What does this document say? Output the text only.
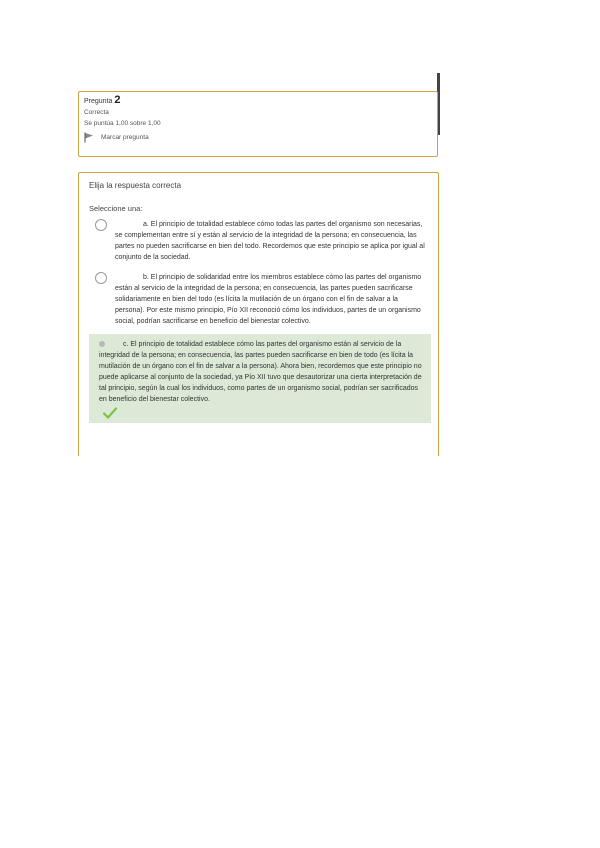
Pregunta 2
Correcta
Se puntúa 1,00 sobre 1,00
Marcar pregunta
Elija la respuesta correcta
Seleccione una:
a. El principio de totalidad establece cómo todas las partes del organismo son necesarias, se complementan entre sí y están al servicio de la integridad de la persona; en consecuencia, las partes no pueden sacrificarse en bien del todo. Recordemos que este principio se aplica por igual al conjunto de la sociedad.
b. El principio de solidaridad entre los miembros establece cómo las partes del organismo están al servicio de la integridad de la persona; en consecuencia, las partes pueden sacrificarse solidariamente en bien del todo (es lícita la mutilación de un órgano con el fin de salvar a la persona). Por este mismo principio, Pío XII reconoció cómo los individuos, partes de un organismo social, podrían sacrificarse en beneficio del bienestar colectivo.
c. El principio de totalidad establece cómo las partes del organismo están al servicio de la integridad de la persona; en consecuencia, las partes pueden sacrificarse en bien de todo (es lícita la mutilación de un órgano con el fin de salvar a la persona). Ahora bien, recordemos que este principio no puede aplicarse al conjunto de la sociedad, ya Pío XII tuvo que desautorizar una cierta interpretación de tal principio, según la cual los individuos, como partes de un organismo social, podrían ser sacrificados en beneficio del bienestar colectivo.
